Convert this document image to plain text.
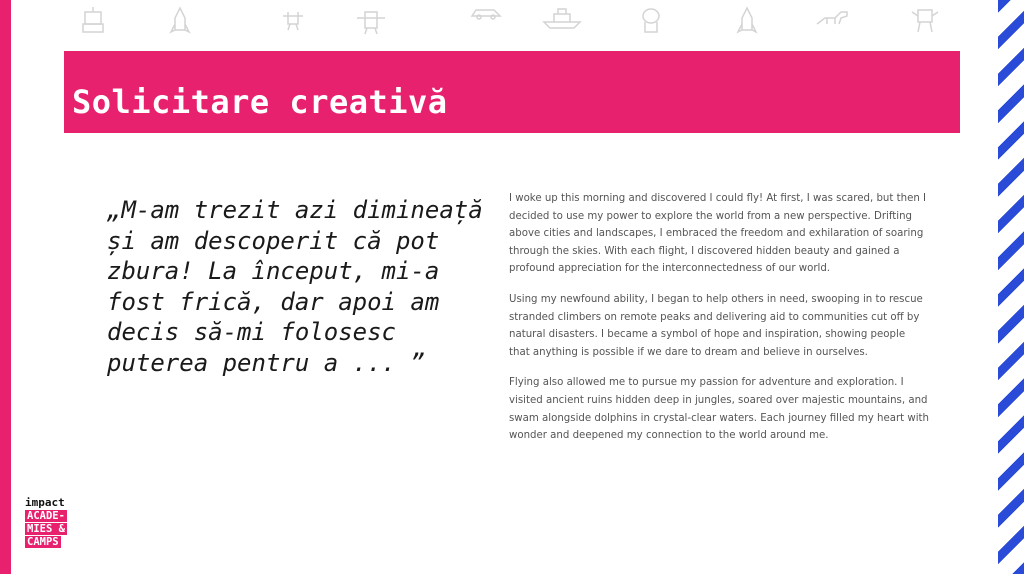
Solicitare creativă

„M-am trezit azi dimineață și am descoperit că pot zbura! La început, mi-a fost frică, dar apoi am decis să-mi folosesc puterea pentru a ... ”

I woke up this morning and discovered I could fly! At first, I was scared, but then I decided to use my power to explore the world from a new perspective. Drifting above cities and landscapes, I embraced the freedom and exhilaration of soaring through the skies. With each flight, I discovered hidden beauty and gained a profound appreciation for the interconnectedness of our world.

Using my newfound ability, I began to help others in need, swooping in to rescue stranded climbers on remote peaks and delivering aid to communities cut off by natural disasters. I became a symbol of hope and inspiration, showing people that anything is possible if we dare to dream and believe in ourselves.

Flying also allowed me to pursue my passion for adventure and exploration. I visited ancient ruins hidden deep in jungles, soared over majestic mountains, and swam alongside dolphins in crystal-clear waters. Each journey filled my heart with wonder and deepened my connection to the world around me.

impact
ACADE-
MIES &
CAMPS
